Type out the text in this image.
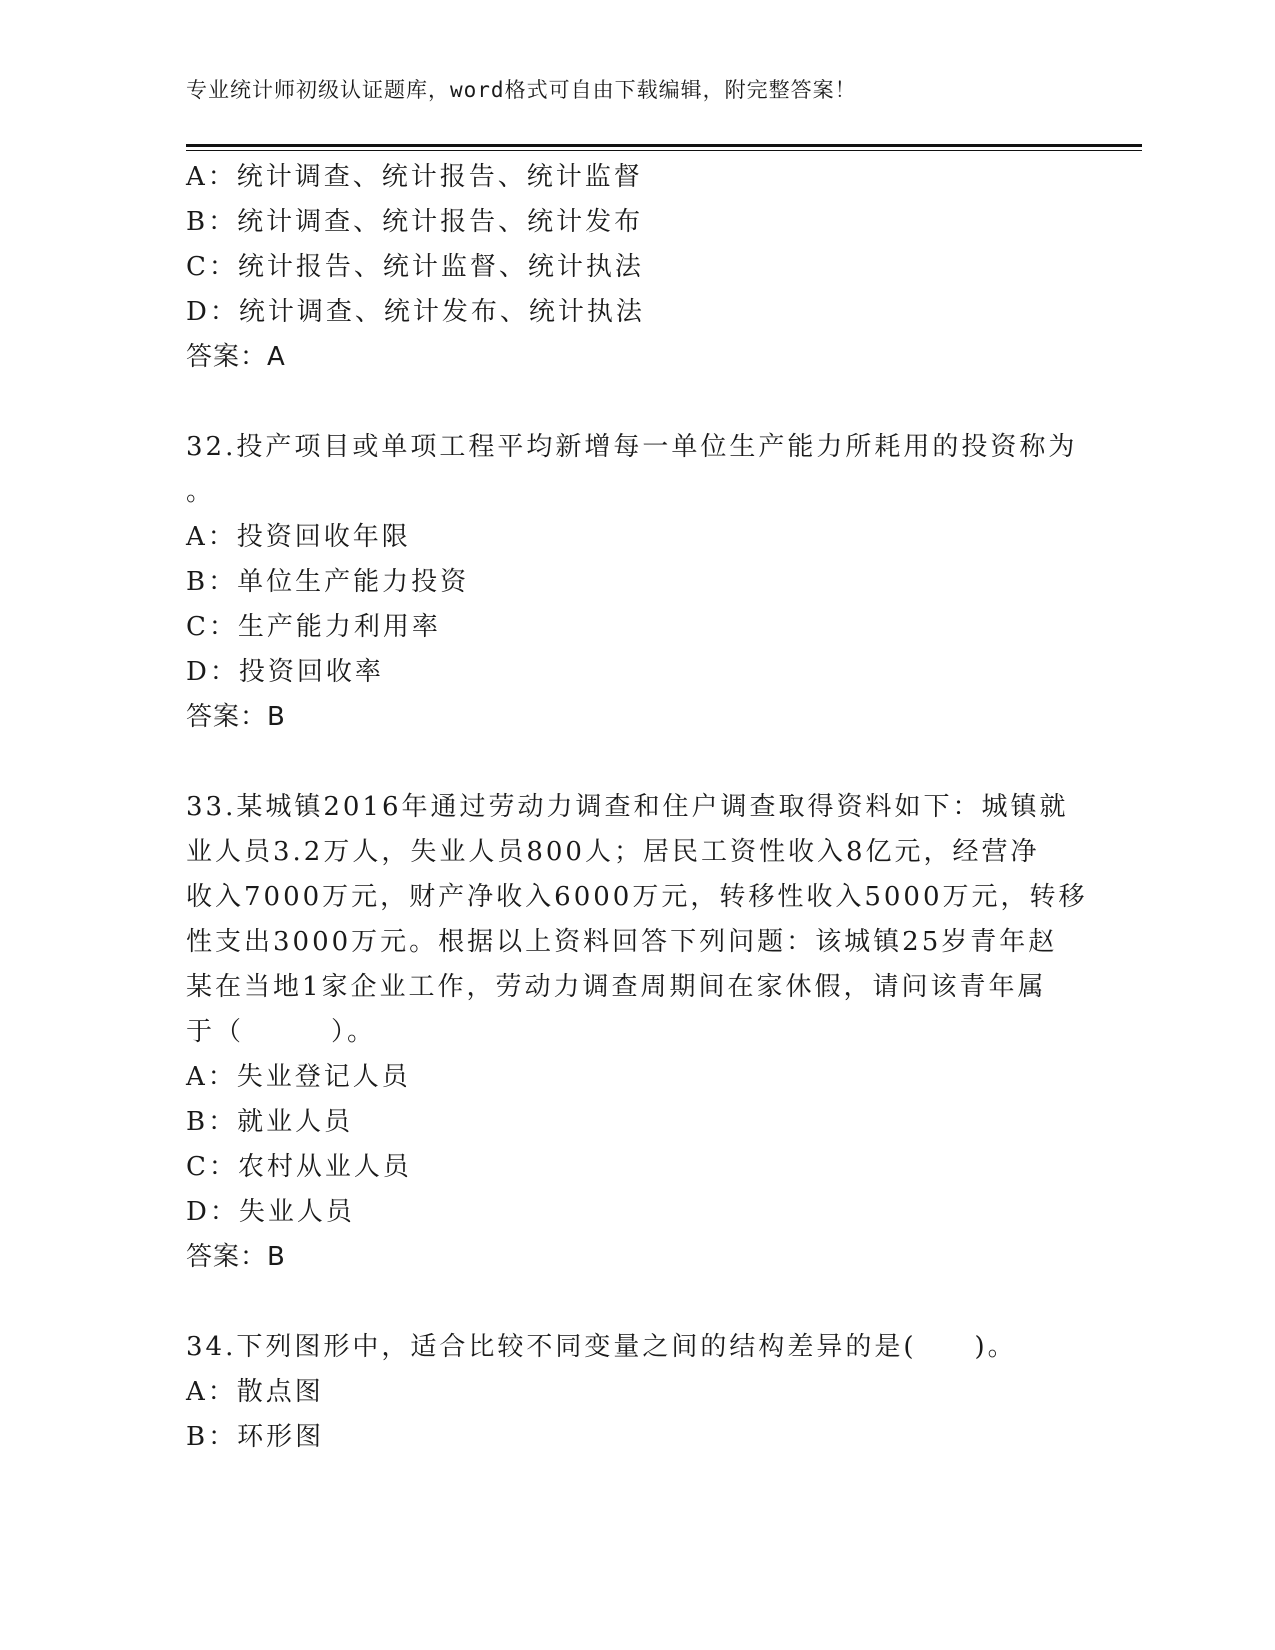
专业统计师初级认证题库，word格式可自由下载编辑，附完整答案！
A：统计调查、统计报告、统计监督
B：统计调查、统计报告、统计发布
C：统计报告、统计监督、统计执法
D：统计调查、统计发布、统计执法
答案：A
32.投产项目或单项工程平均新增每一单位生产能力所耗用的投资称为
。
A：投资回收年限
B：单位生产能力投资
C：生产能力利用率
D：投资回收率
答案：B
33.某城镇2016年通过劳动力调查和住户调查取得资料如下：城镇就
业人员3.2万人，失业人员800人；居民工资性收入8亿元，经营净
收入7000万元，财产净收入6000万元，转移性收入5000万元，转移
性支出3000万元。根据以上资料回答下列问题：该城镇25岁青年赵
某在当地1家企业工作，劳动力调查周期间在家休假，请问该青年属
于（　　　）。
A：失业登记人员
B：就业人员
C：农村从业人员
D：失业人员
答案：B
34.下列图形中，适合比较不同变量之间的结构差异的是(　　)。
A：散点图
B：环形图
